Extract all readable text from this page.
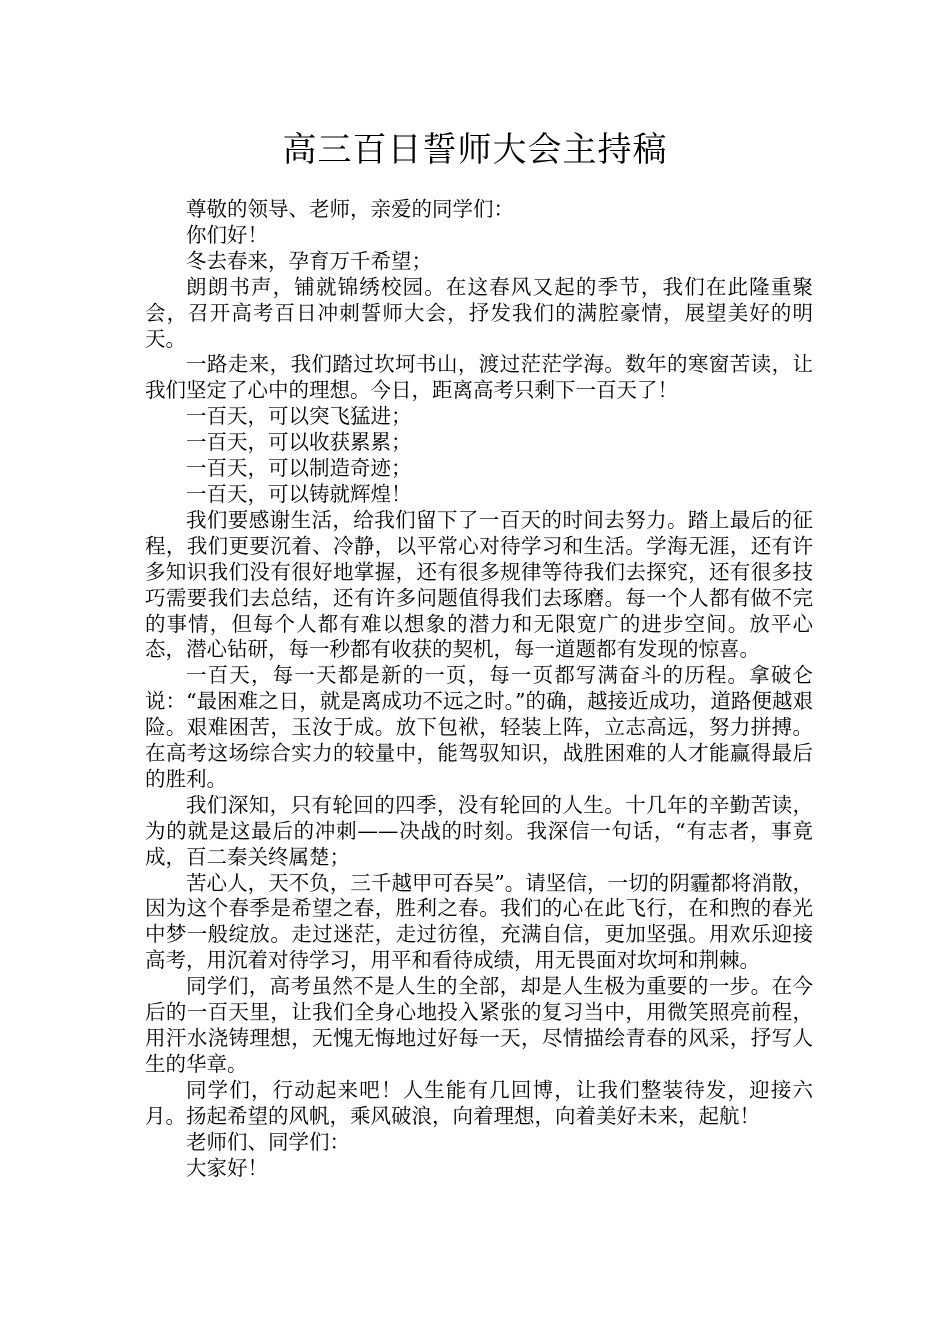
高三百日誓师大会主持稿

尊敬的领导、老师，亲爱的同学们：

你们好！

冬去春来，孕育万千希望；

朗朗书声，铺就锦绣校园。在这春风又起的季节，我们在此隆重聚会，召开高考百日冲刺誓师大会，抒发我们的满腔豪情，展望美好的明天。

一路走来，我们踏过坎坷书山，渡过茫茫学海。数年的寒窗苦读，让我们坚定了心中的理想。今日，距离高考只剩下一百天了！

一百天，可以突飞猛进；

一百天，可以收获累累；

一百天，可以制造奇迹；

一百天，可以铸就辉煌！

我们要感谢生活，给我们留下了一百天的时间去努力。踏上最后的征程，我们更要沉着、冷静，以平常心对待学习和生活。学海无涯，还有许多知识我们没有很好地掌握，还有很多规律等待我们去探究，还有很多技巧需要我们去总结，还有许多问题值得我们去琢磨。每一个人都有做不完的事情，但每个人都有难以想象的潜力和无限宽广的进步空间。放平心态，潜心钻研，每一秒都有收获的契机，每一道题都有发现的惊喜。

一百天，每一天都是新的一页，每一页都写满奋斗的历程。拿破仑说：“最困难之日，就是离成功不远之时。”的确，越接近成功，道路便越艰险。艰难困苦，玉汝于成。放下包袱，轻装上阵，立志高远，努力拼搏。在高考这场综合实力的较量中，能驾驭知识，战胜困难的人才能赢得最后的胜利。

我们深知，只有轮回的四季，没有轮回的人生。十几年的辛勤苦读，为的就是这最后的冲刺——决战的时刻。我深信一句话，“有志者，事竟成，百二秦关终属楚；

苦心人，天不负，三千越甲可吞吴”。请坚信，一切的阴霾都将消散，因为这个春季是希望之春，胜利之春。我们的心在此飞行，在和煦的春光中梦一般绽放。走过迷茫，走过彷徨，充满自信，更加坚强。用欢乐迎接高考，用沉着对待学习，用平和看待成绩，用无畏面对坎坷和荆棘。

同学们，高考虽然不是人生的全部，却是人生极为重要的一步。在今后的一百天里，让我们全身心地投入紧张的复习当中，用微笑照亮前程，用汗水浇铸理想，无愧无悔地过好每一天，尽情描绘青春的风采，抒写人生的华章。

同学们，行动起来吧！人生能有几回博，让我们整装待发，迎接六月。扬起希望的风帆，乘风破浪，向着理想，向着美好未来，起航！

老师们、同学们：

大家好！
